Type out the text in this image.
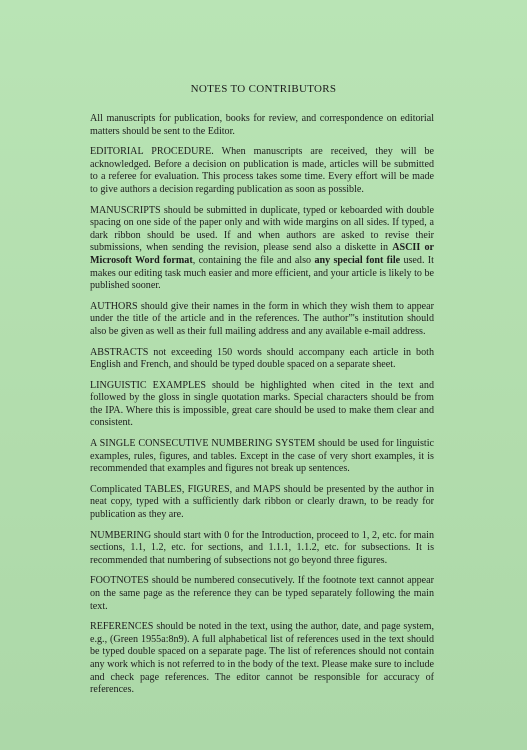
NOTES TO CONTRIBUTORS

All manuscripts for publication, books for review, and correspondence on editorial matters should be sent to the Editor.

EDITORIAL PROCEDURE. When manuscripts are received, they will be acknowledged. Before a decision on publication is made, articles will be submitted to a referee for evaluation. This process takes some time. Every effort will be made to give authors a decision regarding publication as soon as possible.

MANUSCRIPTS should be submitted in duplicate, typed or keboarded with double spacing on one side of the paper only and with wide margins on all sides. If typed, a dark ribbon should be used. If and when authors are asked to revise their submissions, when sending the revision, please send also a diskette in ASCII or Microsoft Word format, containing the file and also any special font file used. It makes our editing task much easier and more efficient, and your article is likely to be published sooner.

AUTHORS should give their names in the form in which they wish them to appear under the title of the article and in the references. The author”'s institution should also be given as well as their full mailing address and any available e-mail address.

ABSTRACTS not exceeding 150 words should accompany each article in both English and French, and should be typed double spaced on a separate sheet.

LINGUISTIC EXAMPLES should be highlighted when cited in the text and followed by the gloss in single quotation marks. Special characters should be from the IPA. Where this is impossible, great care should be used to make them clear and consistent.

A SINGLE CONSECUTIVE NUMBERING SYSTEM should be used for linguistic examples, rules, figures, and tables. Except in the case of very short examples, it is recommended that examples and figures not break up sentences.

Complicated TABLES, FIGURES, and MAPS should be presented by the author in neat copy, typed with a sufficiently dark ribbon or clearly drawn, to be ready for publication as they are.

NUMBERING should start with 0 for the Introduction, proceed to 1, 2, etc. for main sections, 1.1, 1.2, etc. for sections, and 1.1.1, 1.1.2, etc. for subsections. It is recommended that numbering of subsections not go beyond three figures.

FOOTNOTES should be numbered consecutively. If the footnote text cannot appear on the same page as the reference they can be typed separately following the main text.

REFERENCES should be noted in the text, using the author, date, and page system, e.g., (Green 1955a:8n9). A full alphabetical list of references used in the text should be typed double spaced on a separate page. The list of references should not contain any work which is not referred to in the body of the text. Please make sure to include and check page references. The editor cannot be responsible for accuracy of references.
